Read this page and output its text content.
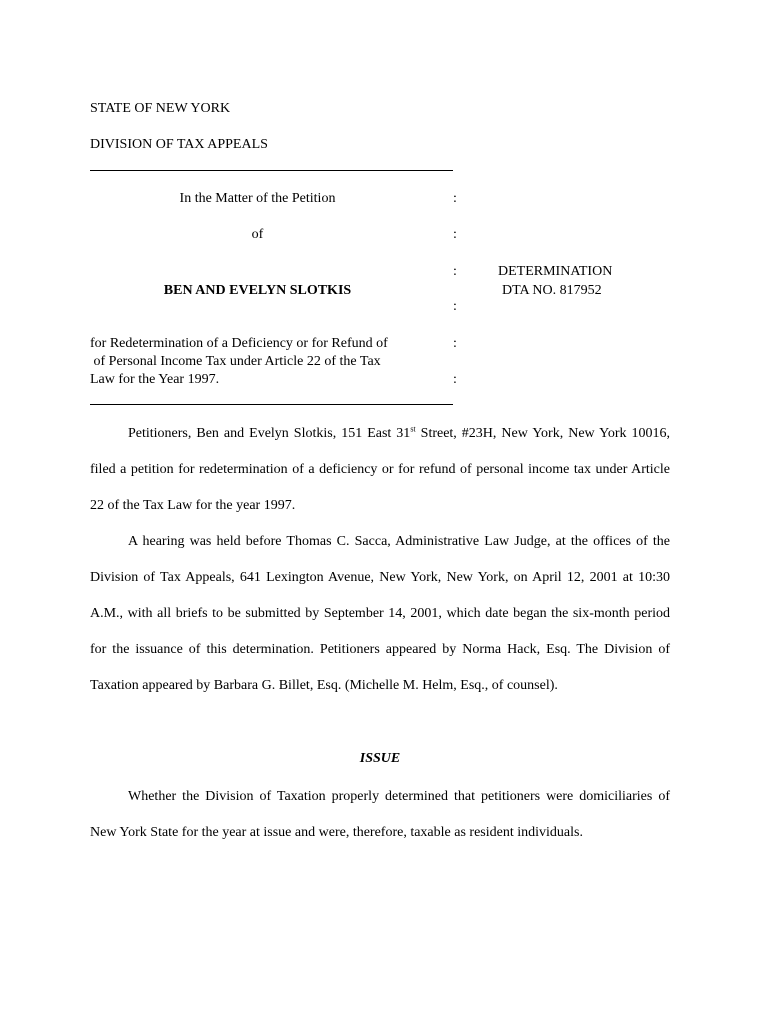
STATE OF NEW YORK
DIVISION OF TAX APPEALS
In the Matter of the Petition
of
BEN AND EVELYN SLOTKIS
for Redetermination of a Deficiency or for Refund of
of Personal Income Tax under Article 22 of the Tax
Law for the Year 1997.
:
:
:
:
:
:
DETERMINATION
DTA NO. 817952
Petitioners, Ben and Evelyn Slotkis, 151 East 31st Street, #23H, New York, New York 10016, filed a petition for redetermination of a deficiency or for refund of personal income tax under Article 22 of the Tax Law for the year 1997.
A hearing was held before Thomas C. Sacca, Administrative Law Judge, at the offices of the Division of Tax Appeals, 641 Lexington Avenue, New York, New York, on April 12, 2001 at 10:30 A.M., with all briefs to be submitted by September 14, 2001, which date began the six-month period for the issuance of this determination. Petitioners appeared by Norma Hack, Esq. The Division of Taxation appeared by Barbara G. Billet, Esq. (Michelle M. Helm, Esq., of counsel).
ISSUE
Whether the Division of Taxation properly determined that petitioners were domiciliaries of New York State for the year at issue and were, therefore, taxable as resident individuals.
